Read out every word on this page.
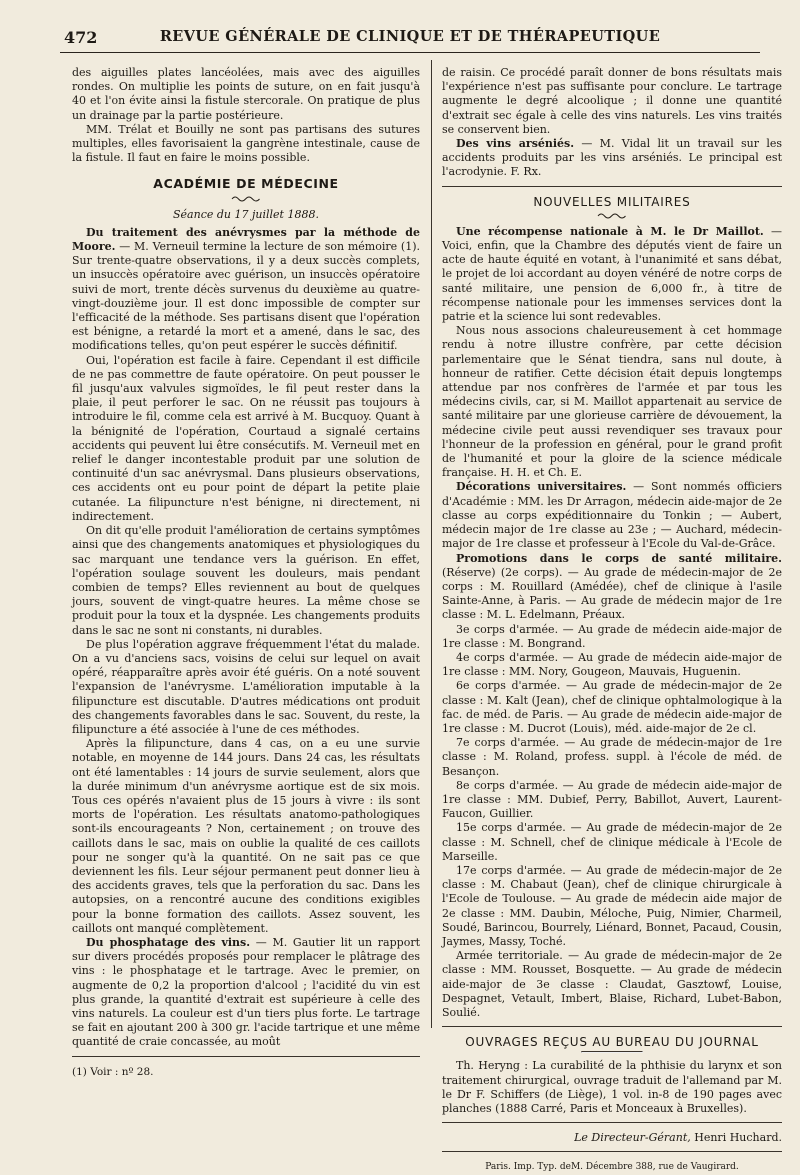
472	REVUE GÉNÉRALE DE CLINIQUE ET DE THÉRAPEUTIQUE

des aiguilles plates lancéolées, mais avec des aiguilles rondes. On multiplie les points de suture, on en fait jusqu'à 40 et l'on évite ainsi la fistule stercorale. On pratique de plus un drainage par la partie postérieure.

MM. Trélat et Bouilly ne sont pas partisans des sutures multiples, elles favorisaient la gangrène intestinale, cause de la fistule. Il faut en faire le moins possible.

ACADÉMIE DE MÉDECINE
Séance du 17 juillet 1888.

Du traitement des anévrysmes par la méthode de Moore. — M. Verneuil termine la lecture de son mémoire (1). Sur trente-quatre observations, il y a deux succès complets, un insuccès opératoire avec guérison, un insuccès opératoire suivi de mort, trente décès survenus du deuxième au quatre-vingt-douzième jour. Il est donc impossible de compter sur l'efficacité de la méthode. Ses partisans disent que l'opération est bénigne, a retardé la mort et a amené, dans le sac, des modifications telles, qu'on peut espérer le succès définitif.

Oui, l'opération est facile à faire. Cependant il est difficile de ne pas commettre de faute opératoire. On peut pousser le fil jusqu'aux valvules sigmoïdes, le fil peut rester dans la plaie, il peut perforer le sac. On ne réussit pas toujours à introduire le fil, comme cela est arrivé à M. Bucquoy. Quant à la bénignité de l'opération, Courtaud a signalé certains accidents qui peuvent lui être consécutifs. M. Verneuil met en relief le danger incontestable produit par une solution de continuité d'un sac anévrysmal. Dans plusieurs observations, ces accidents ont eu pour point de départ la petite plaie cutanée. La filipuncture n'est bénigne, ni directement, ni indirectement.

On dit qu'elle produit l'amélioration de certains symptômes ainsi que des changements anatomiques et physiologiques du sac marquant une tendance vers la guérison. En effet, l'opération soulage souvent les douleurs, mais pendant combien de temps? Elles reviennent au bout de quelques jours, souvent de vingt-quatre heures. La même chose se produit pour la toux et la dyspnée. Les changements produits dans le sac ne sont ni constants, ni durables.

De plus l'opération aggrave fréquemment l'état du malade. On a vu d'anciens sacs, voisins de celui sur lequel on avait opéré, réapparaître après avoir été guéris. On a noté souvent l'expansion de l'anévrysme. L'amélioration imputable à la filipuncture est discutable. D'autres médications ont produit des changements favorables dans le sac. Souvent, du reste, la filipuncture a été associée à l'une de ces méthodes.

Après la filipuncture, dans 4 cas, on a eu une survie notable, en moyenne de 144 jours. Dans 24 cas, les résultats ont été lamentables : 14 jours de survie seulement, alors que la durée minimum d'un anévrysme aortique est de six mois. Tous ces opérés n'avaient plus de 15 jours à vivre : ils sont morts de l'opération. Les résultats anatomo-pathologiques sont-ils encourageants ? Non, certainement ; on trouve des caillots dans le sac, mais on oublie la qualité de ces caillots pour ne songer qu'à la quantité. On ne sait pas ce que deviennent les fils. Leur séjour permanent peut donner lieu à des accidents graves, tels que la perforation du sac. Dans les autopsies, on a rencontré aucune des conditions exigibles pour la bonne formation des caillots. Assez souvent, les caillots ont manqué complètement.

Du phosphatage des vins. — M. Gautier lit un rapport sur divers procédés proposés pour remplacer le plâtrage des vins : le phosphatage et le tartrage. Avec le premier, on augmente de 0,2 la proportion d'alcool ; l'acidité du vin est plus grande, la quantité d'extrait est supérieure à celle des vins naturels. La couleur est d'un tiers plus forte. Le tartrage se fait en ajoutant 200 à 300 gr. l'acide tartrique et une même quantité de craie concassée, au moût

(1) Voir : nº 28.

de raisin. Ce procédé paraît donner de bons résultats mais l'expérience n'est pas suffisante pour conclure. Le tartrage augmente le degré alcoolique ; il donne une quantité d'extrait sec égale à celle des vins naturels. Les vins traités se conservent bien.

Des vins arséniés. — M. Vidal lit un travail sur les accidents produits par les vins arséniés. Le principal est l'acrodynie. F. Rx.

NOUVELLES MILITAIRES

Une récompense nationale à M. le Dr Maillot. — Voici, enfin, que la Chambre des députés vient de faire un acte de haute équité en votant, à l'unanimité et sans débat, le projet de loi accordant au doyen vénéré de notre corps de santé militaire, une pension de 6,000 fr., à titre de récompense nationale pour les immenses services dont la patrie et la science lui sont redevables.

Nous nous associons chaleureusement à cet hommage rendu à notre illustre confrère, par cette décision parlementaire que le Sénat tiendra, sans nul doute, à honneur de ratifier. Cette décision était depuis longtemps attendue par nos confrères de l'armée et par tous les médecins civils, car, si M. Maillot appartenait au service de santé militaire par une glorieuse carrière de dévouement, la médecine civile peut aussi revendiquer ses travaux pour l'honneur de la profession en général, pour le grand profit de l'humanité et pour la gloire de la science médicale française. H. H. et Ch. E.

Décorations universitaires. — Sont nommés officiers d'Académie : MM. les Dr Arragon, médecin aide-major de 2e classe au corps expéditionnaire du Tonkin ; — Aubert, médecin major de 1re classe au 23e ; — Auchard, médecin-major de 1re classe et professeur à l'Ecole du Val-de-Grâce.

Promotions dans le corps de santé militaire. (Réserve) (2e corps). — Au grade de médecin-major de 2e corps : M. Rouillard (Amédée), chef de clinique à l'asile Sainte-Anne, à Paris. — Au grade de médecin major de 1re classe : M. L. Edelmann, Préaux.

3e corps d'armée. — Au grade de médecin aide-major de 1re classe : M. Bongrand.

4e corps d'armée. — Au grade de médecin aide-major de 1re classe : MM. Nory, Gougeon, Mauvais, Huguenin.

6e corps d'armée. — Au grade de médecin-major de 2e classe : M. Kalt (Jean), chef de clinique ophtalmologique à la fac. de méd. de Paris. — Au grade de médecin aide-major de 1re classe : M. Ducrot (Louis), méd. aide-major de 2e cl.

7e corps d'armée. — Au grade de médecin-major de 1re classe : M. Roland, profess. suppl. à l'école de méd. de Besançon.

8e corps d'armée. — Au grade de médecin aide-major de 1re classe : MM. Dubief, Perry, Babillot, Auvert, Laurent-Faucon, Guillier.

15e corps d'armée. — Au grade de médecin-major de 2e classe : M. Schnell, chef de clinique médicale à l'Ecole de Marseille.

17e corps d'armée. — Au grade de médecin-major de 2e classe : M. Chabaut (Jean), chef de clinique chirurgicale à l'Ecole de Toulouse. — Au grade de médecin aide major de 2e classe : MM. Daubin, Méloche, Puig, Nimier, Charmeil, Soudé, Barincou, Bourrely, Liénard, Bonnet, Pacaud, Cousin, Jaymes, Massy, Toché.

Armée territoriale. — Au grade de médecin-major de 2e classe : MM. Rousset, Bosquette. — Au grade de médecin aide-major de 3e classe : Claudat, Gasztowf, Louise, Despagnet, Vetault, Imbert, Blaise, Richard, Lubet-Babon, Soulié.

OUVRAGES REÇUS AU BUREAU DU JOURNAL

Th. Heryng : La curabilité de la phthisie du larynx et son traitement chirurgical, ouvrage traduit de l'allemand par M. le Dr F. Schiffers (de Liège), 1 vol. in-8 de 190 pages avec planches (1888 Carré, Paris et Monceaux à Bruxelles).

Le Directeur-Gérant, Henri Huchard.

Paris. Imp. Typ. deM. Décembre 388, rue de Vaugirard.
